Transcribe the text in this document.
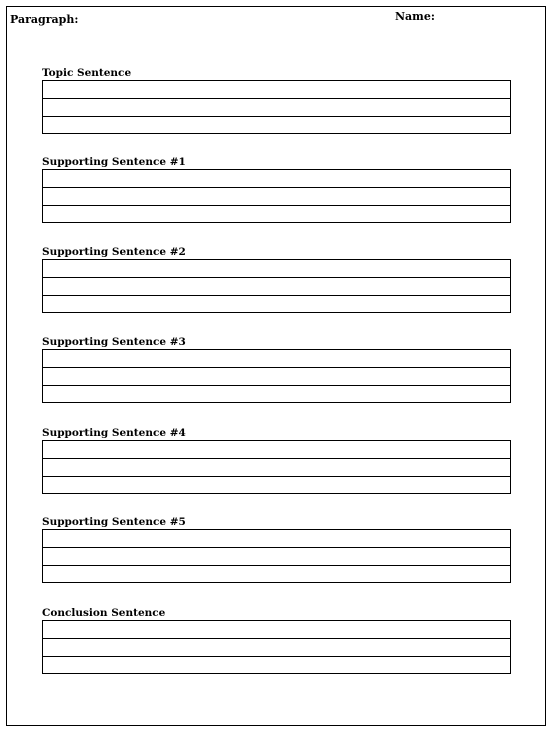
Paragraph:	Name:
Topic Sentence
Supporting Sentence #1
Supporting Sentence #2
Supporting Sentence #3
Supporting Sentence #4
Supporting Sentence #5
Conclusion Sentence
